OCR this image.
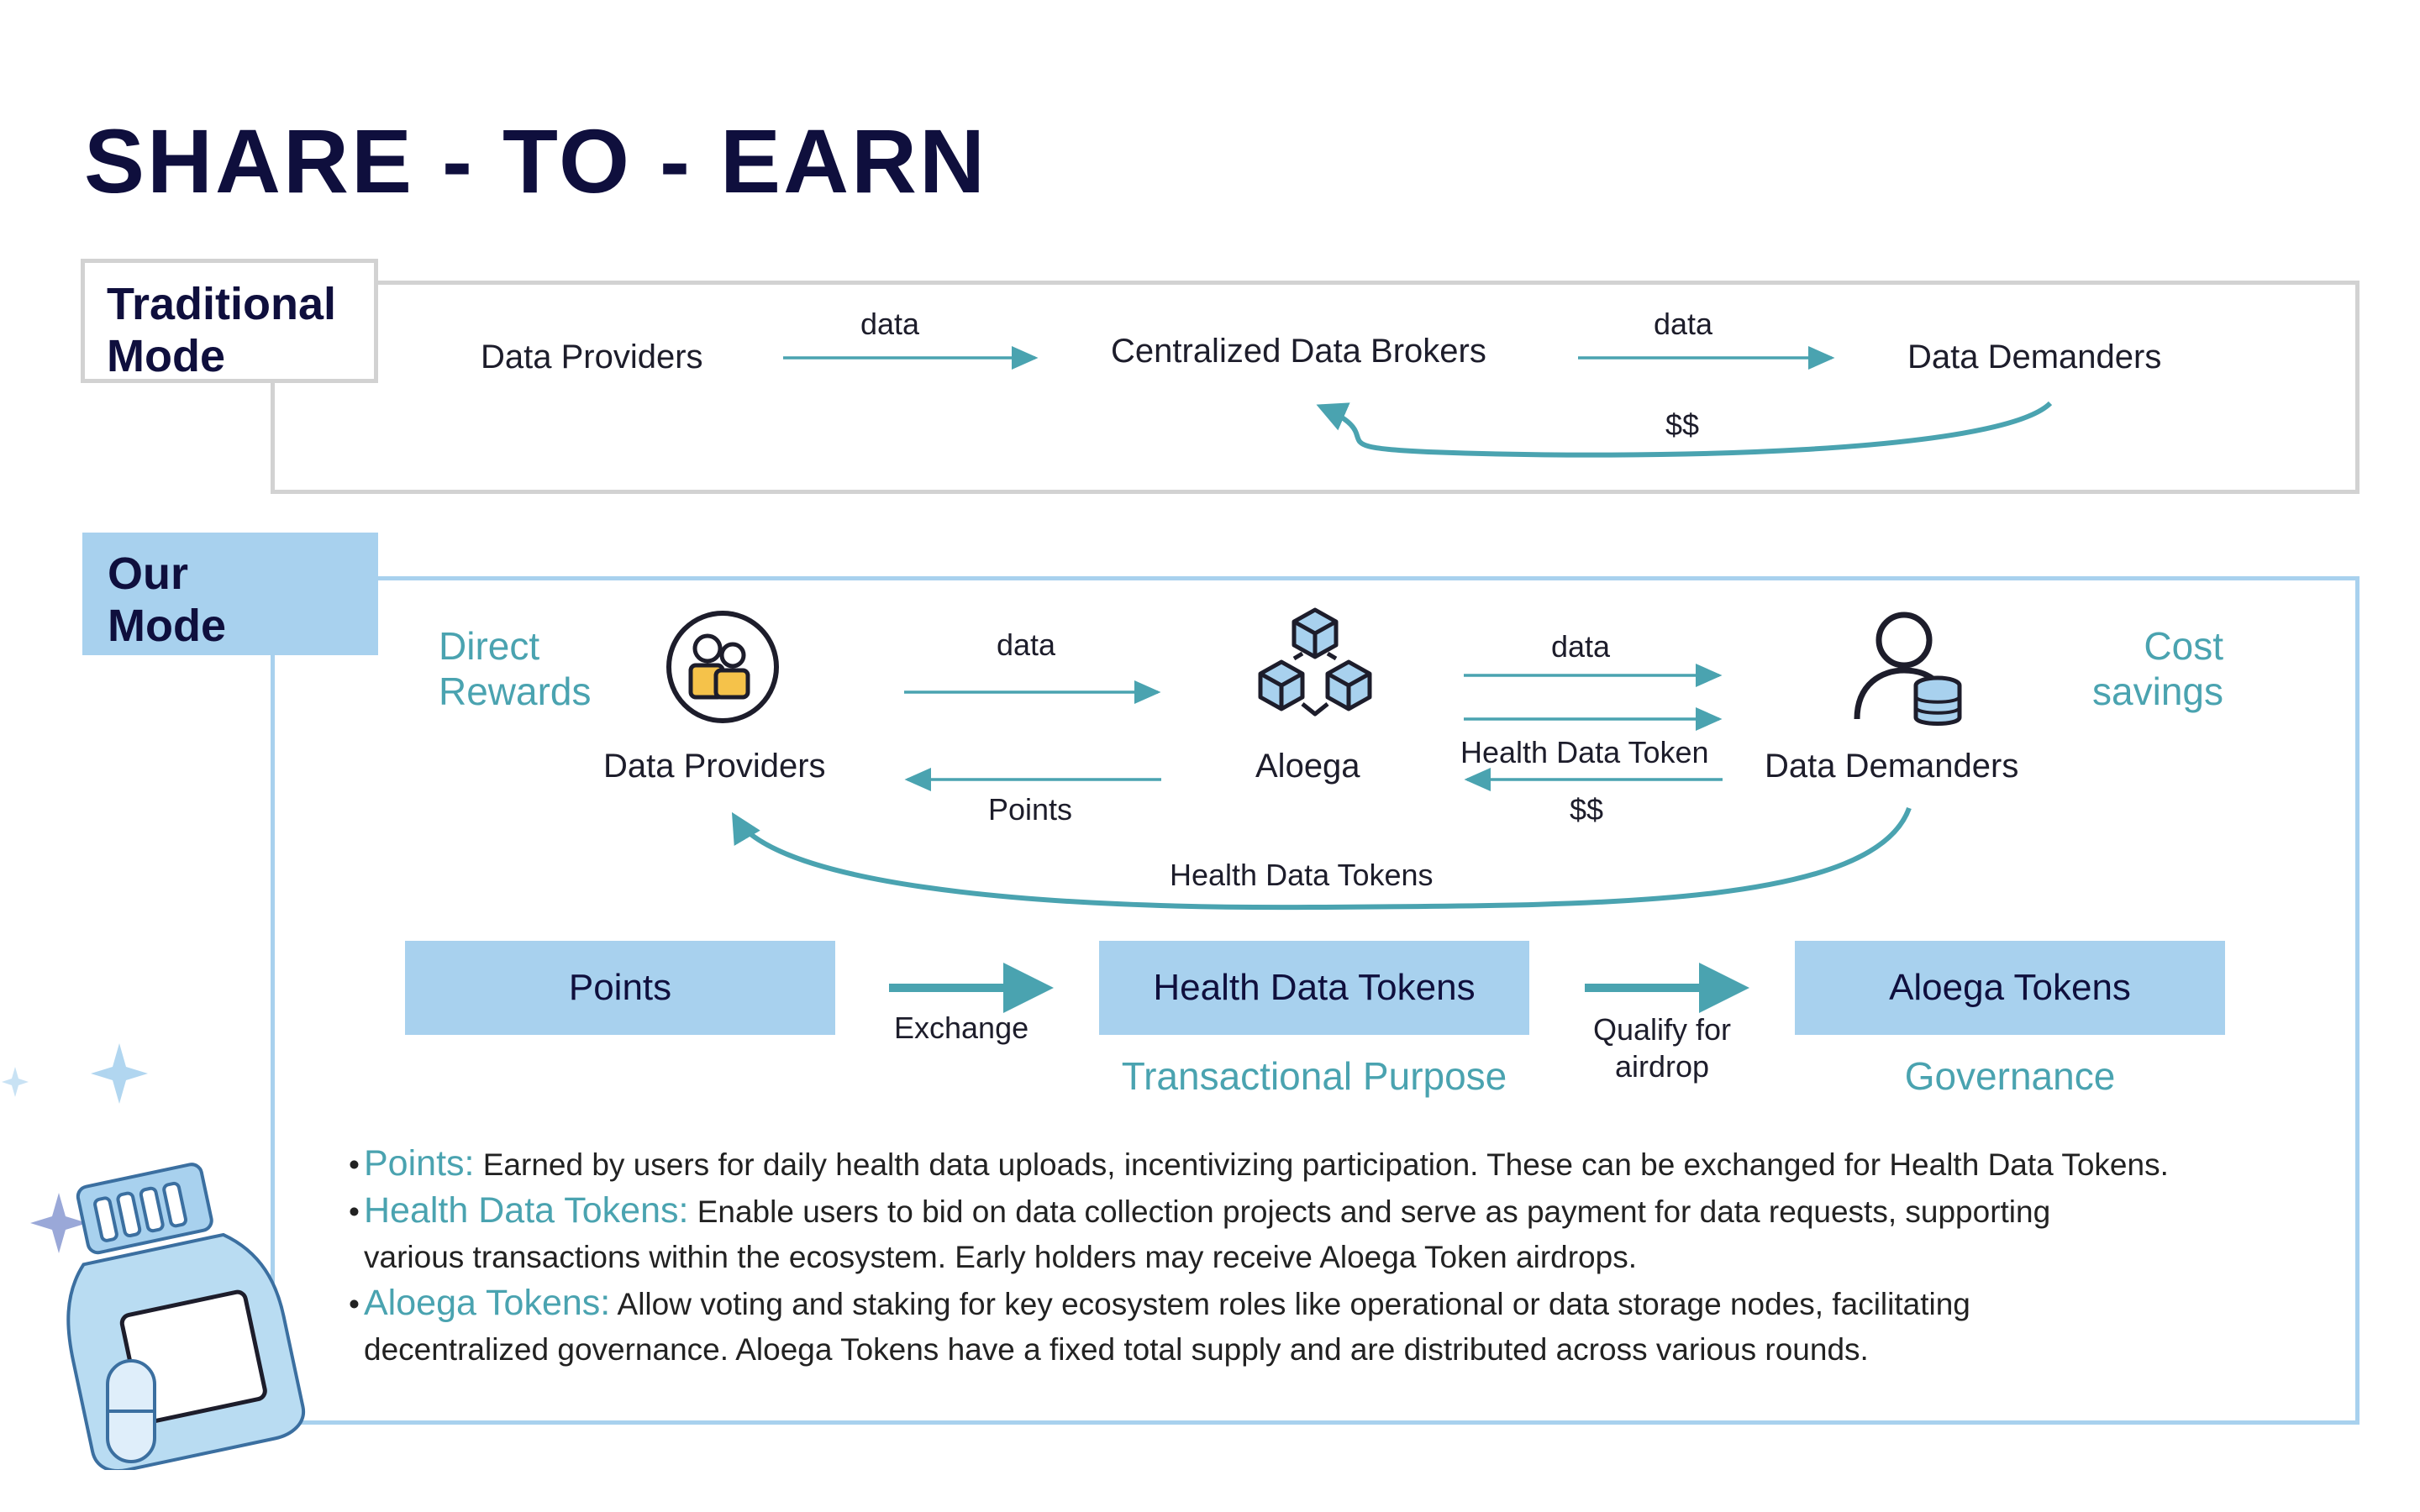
SHARE - TO - EARN
Traditional
Mode
Our
Mode
Data Providers	Centralized Data Brokers	Data Demanders
data	data
$$
Direct
Rewards
Cost
savings
Data Providers	Aloega	Data Demanders
data
Points
data
Health Data Token
$$
Health Data Tokens
Points	Health Data Tokens	Aloega Tokens
Exchange	Qualify for
airdrop
Transactional Purpose	Governance

• Points: Earned by users for daily health data uploads, incentivizing participation. These can be exchanged for Health Data Tokens.

• Health Data Tokens: Enable users to bid on data collection projects and serve as payment for data requests, supporting
various transactions within the ecosystem. Early holders may receive Aloega Token airdrops.

• Aloega Tokens: Allow voting and staking for key ecosystem roles like operational or data storage nodes, facilitating
decentralized governance. Aloega Tokens have a fixed total supply and are distributed across various rounds.
